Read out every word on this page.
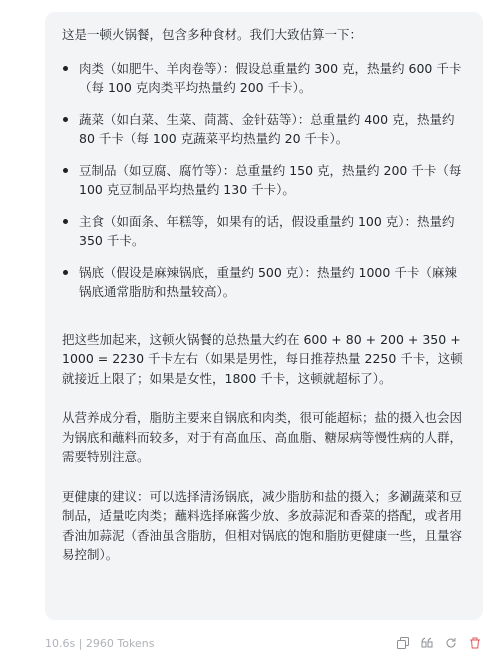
这是一顿火锅餐，包含多种食材。我们大致估算一下：

肉类（如肥牛、羊肉卷等）：假设总重量约 300 克，热量约 600 千卡（每 100 克肉类平均热量约 200 千卡）。
蔬菜（如白菜、生菜、茼蒿、金针菇等）：总重量约 400 克，热量约 80 千卡（每 100 克蔬菜平均热量约 20 千卡）。
豆制品（如豆腐、腐竹等）：总重量约 150 克，热量约 200 千卡（每 100 克豆制品平均热量约 130 千卡）。
主食（如面条、年糕等，如果有的话，假设重量约 100 克）：热量约 350 千卡。
锅底（假设是麻辣锅底，重量约 500 克）：热量约 1000 千卡（麻辣锅底通常脂肪和热量较高）。

把这些加起来，这顿火锅餐的总热量大约在 600 + 80 + 200 + 350 + 1000 = 2230 千卡左右（如果是男性，每日推荐热量 2250 千卡，这顿就接近上限了；如果是女性，1800 千卡，这顿就超标了）。

从营养成分看，脂肪主要来自锅底和肉类，很可能超标；盐的摄入也会因为锅底和蘸料而较多，对于有高血压、高血脂、糖尿病等慢性病的人群，需要特别注意。

更健康的建议：可以选择清汤锅底，减少脂肪和盐的摄入；多涮蔬菜和豆制品，适量吃肉类；蘸料选择麻酱少放、多放蒜泥和香菜的搭配，或者用香油加蒜泥（香油虽含脂肪，但相对锅底的饱和脂肪更健康一些，且量容易控制）。

10.6s | 2960 Tokens
